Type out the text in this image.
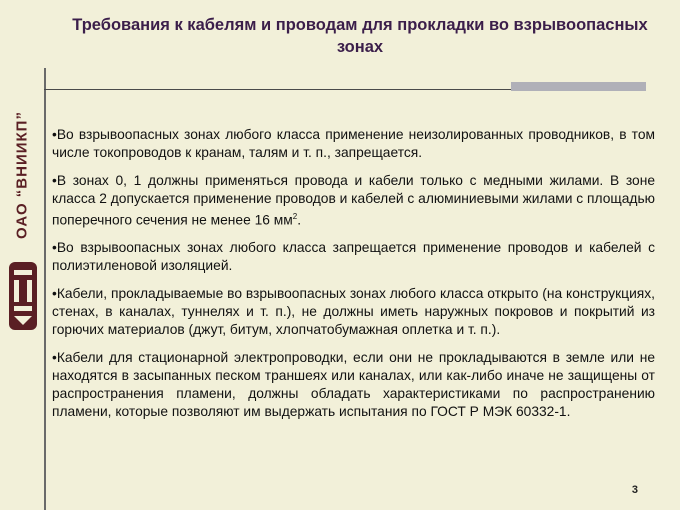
ОАО “ВНИИКП”
Требования к кабелям и проводам для прокладки во взрывоопасных зонах

•Во взрывоопасных зонах любого класса применение неизолированных проводников, в том числе токопроводов к кранам, талям и т. п., запрещается.

•В зонах 0, 1 должны применяться провода и кабели только с медными жилами. В зоне класса 2 допускается применение проводов и кабелей с алюминиевыми жилами с площадью поперечного сечения не менее 16 $мм^2$.

•Во взрывоопасных зонах любого класса запрещается применение проводов и кабелей с полиэтиленовой изоляцией.

•Кабели, прокладываемые во взрывоопасных зонах любого класса открыто (на конструкциях, стенах, в каналах, туннелях и т. п.), не должны иметь наружных покровов и покрытий из горючих материалов (джут, битум, хлопчатобумажная оплетка и т. п.).

•Кабели для стационарной электропроводки, если они не прокладываются в земле или не находятся в засыпанных песком траншеях или каналах, или как-либо иначе не защищены от распространения пламени, должны обладать характеристиками по распространению пламени, которые позволяют им выдержать испытания по ГОСТ Р МЭК 60332-1.

3
